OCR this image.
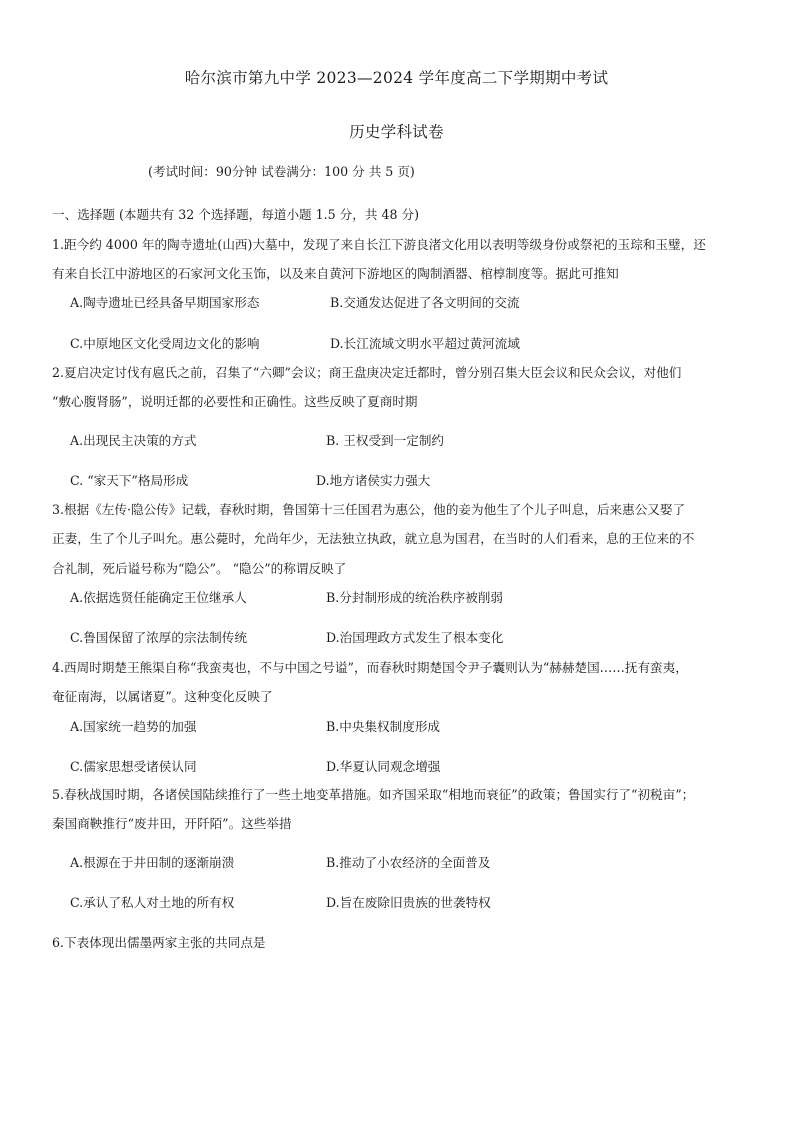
哈尔滨市第九中学 2023—2024 学年度高二下学期期中考试
历史学科试卷
(考试时间：90分钟 试卷满分：100 分 共 5 页)
一、选择题 (本题共有 32 个选择题，每道小题 1.5 分，共 48 分)
1.距今约 4000 年的陶寺遗址(山西)大墓中，发现了来自长江下游良渚文化用以表明等级身份或祭祀的玉琮和玉璧，还
有来自长江中游地区的石家河文化玉饰，以及来自黄河下游地区的陶制酒器、棺椁制度等。据此可推知
A.陶寺遗址已经具备早期国家形态	B.交通发达促进了各文明间的交流
C.中原地区文化受周边文化的影响	D.长江流域文明水平超过黄河流域
2.夏启决定讨伐有扈氏之前，召集了“六卿”会议；商王盘庚决定迁都时，曾分别召集大臣会议和民众会议，对他们
“敷心腹肾肠”，说明迁都的必要性和正确性。这些反映了夏商时期
A.出现民主决策的方式	B. 王权受到一定制约
C. “家天下”格局形成	D.地方诸侯实力强大
3.根据《左传·隐公传》记载，春秋时期，鲁国第十三任国君为惠公，他的妾为他生了个儿子叫息，后来惠公又娶了
正妻，生了个儿子叫允。惠公薨时，允尚年少，无法独立执政，就立息为国君，在当时的人们看来，息的王位来的不
合礼制，死后谥号称为“隐公”。 “隐公”的称谓反映了
A.依据选贤任能确定王位继承人	B.分封制形成的统治秩序被削弱
C.鲁国保留了浓厚的宗法制传统	D.治国理政方式发生了根本变化
4.西周时期楚王熊渠自称“我蛮夷也，不与中国之号谥”，而春秋时期楚国令尹子囊则认为“赫赫楚国……抚有蛮夷，
奄征南海，以属诸夏”。这种变化反映了
A.国家统一趋势的加强	B.中央集权制度形成
C.儒家思想受诸侯认同	D.华夏认同观念增强
5.春秋战国时期，各诸侯国陆续推行了一些土地变革措施。如齐国采取“相地而衰征”的政策；鲁国实行了“初税亩”；
秦国商鞅推行“废井田，开阡陌”。这些举措
A.根源在于井田制的逐渐崩溃	B.推动了小农经济的全面普及
C.承认了私人对土地的所有权	D.旨在废除旧贵族的世袭特权
6.下表体现出儒墨两家主张的共同点是
